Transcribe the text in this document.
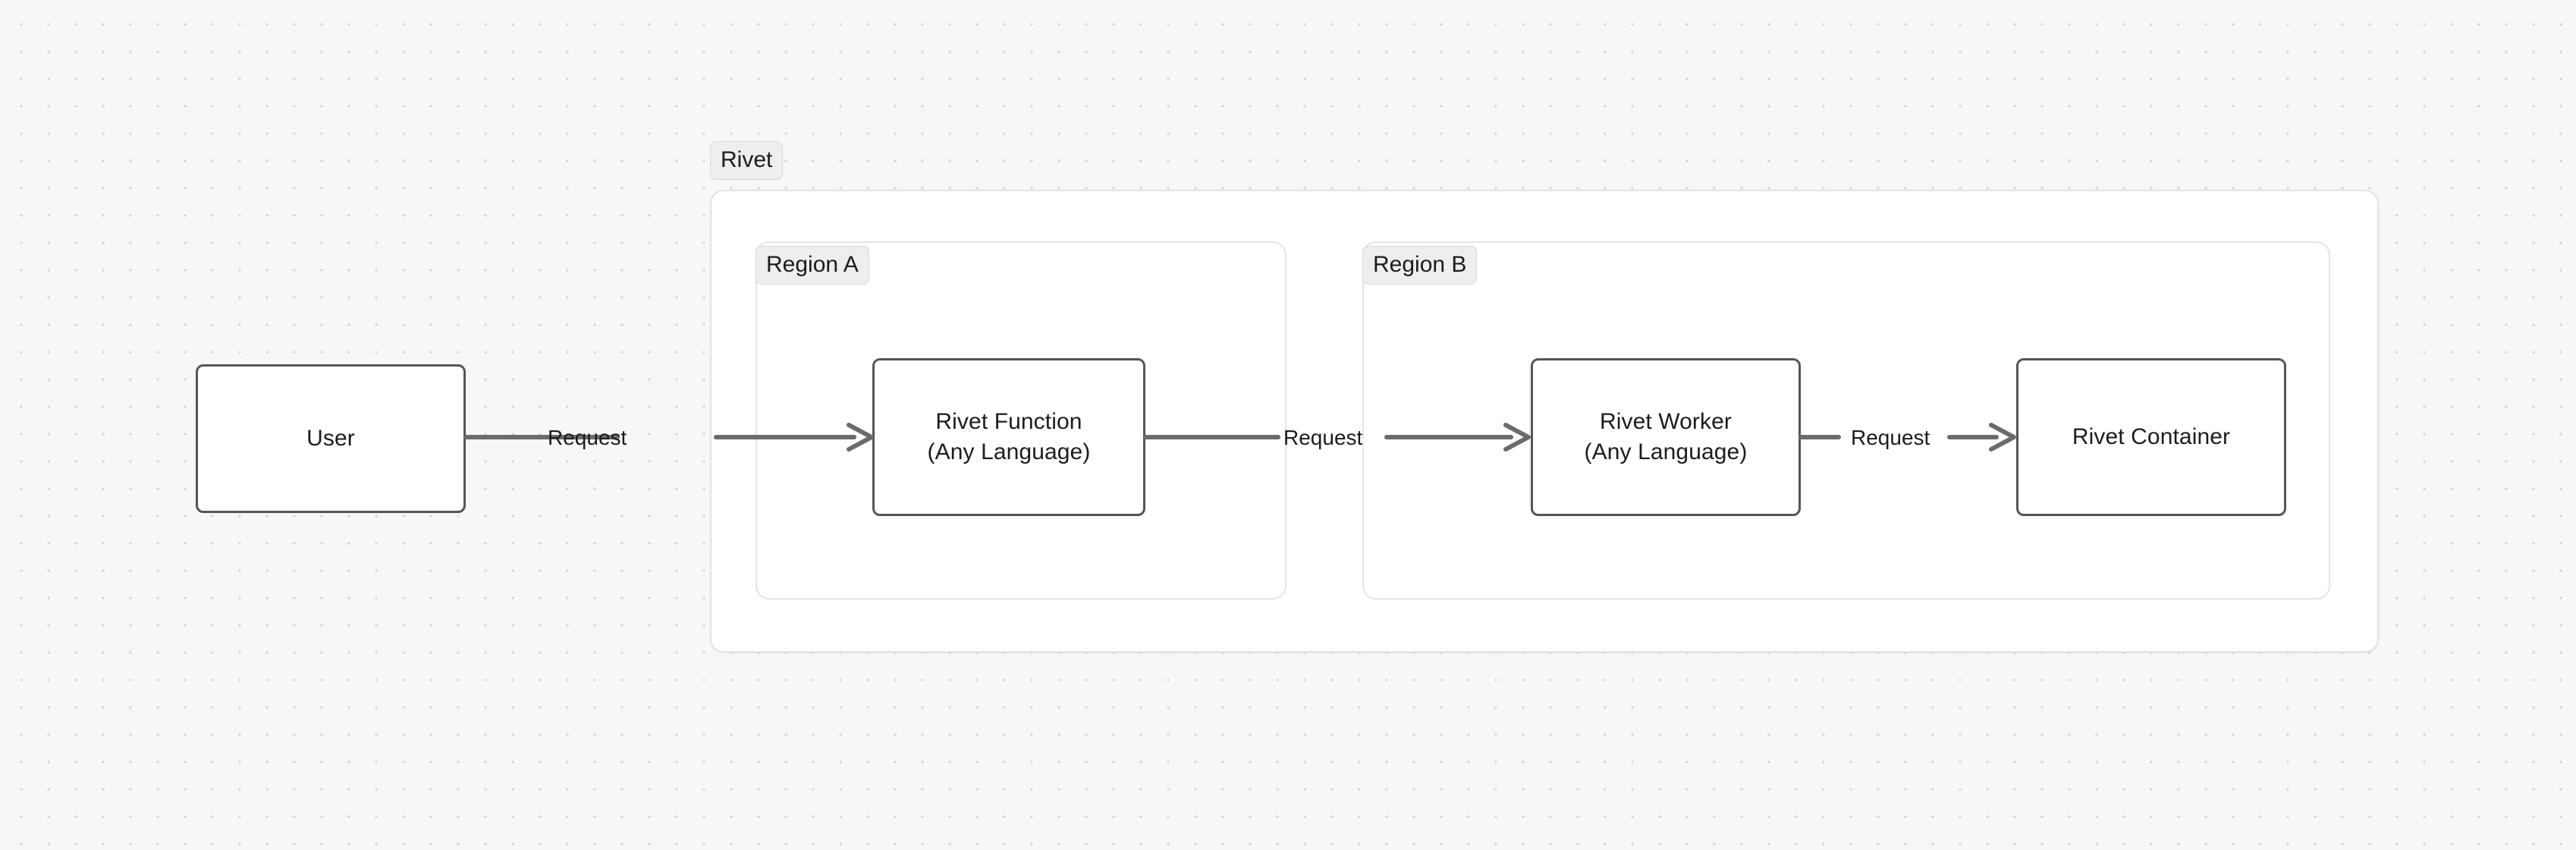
Rivet
Region A	Region B
User
Rivet Function
(Any Language)
Rivet Worker
(Any Language)
Rivet Container
Request	Request	Request
